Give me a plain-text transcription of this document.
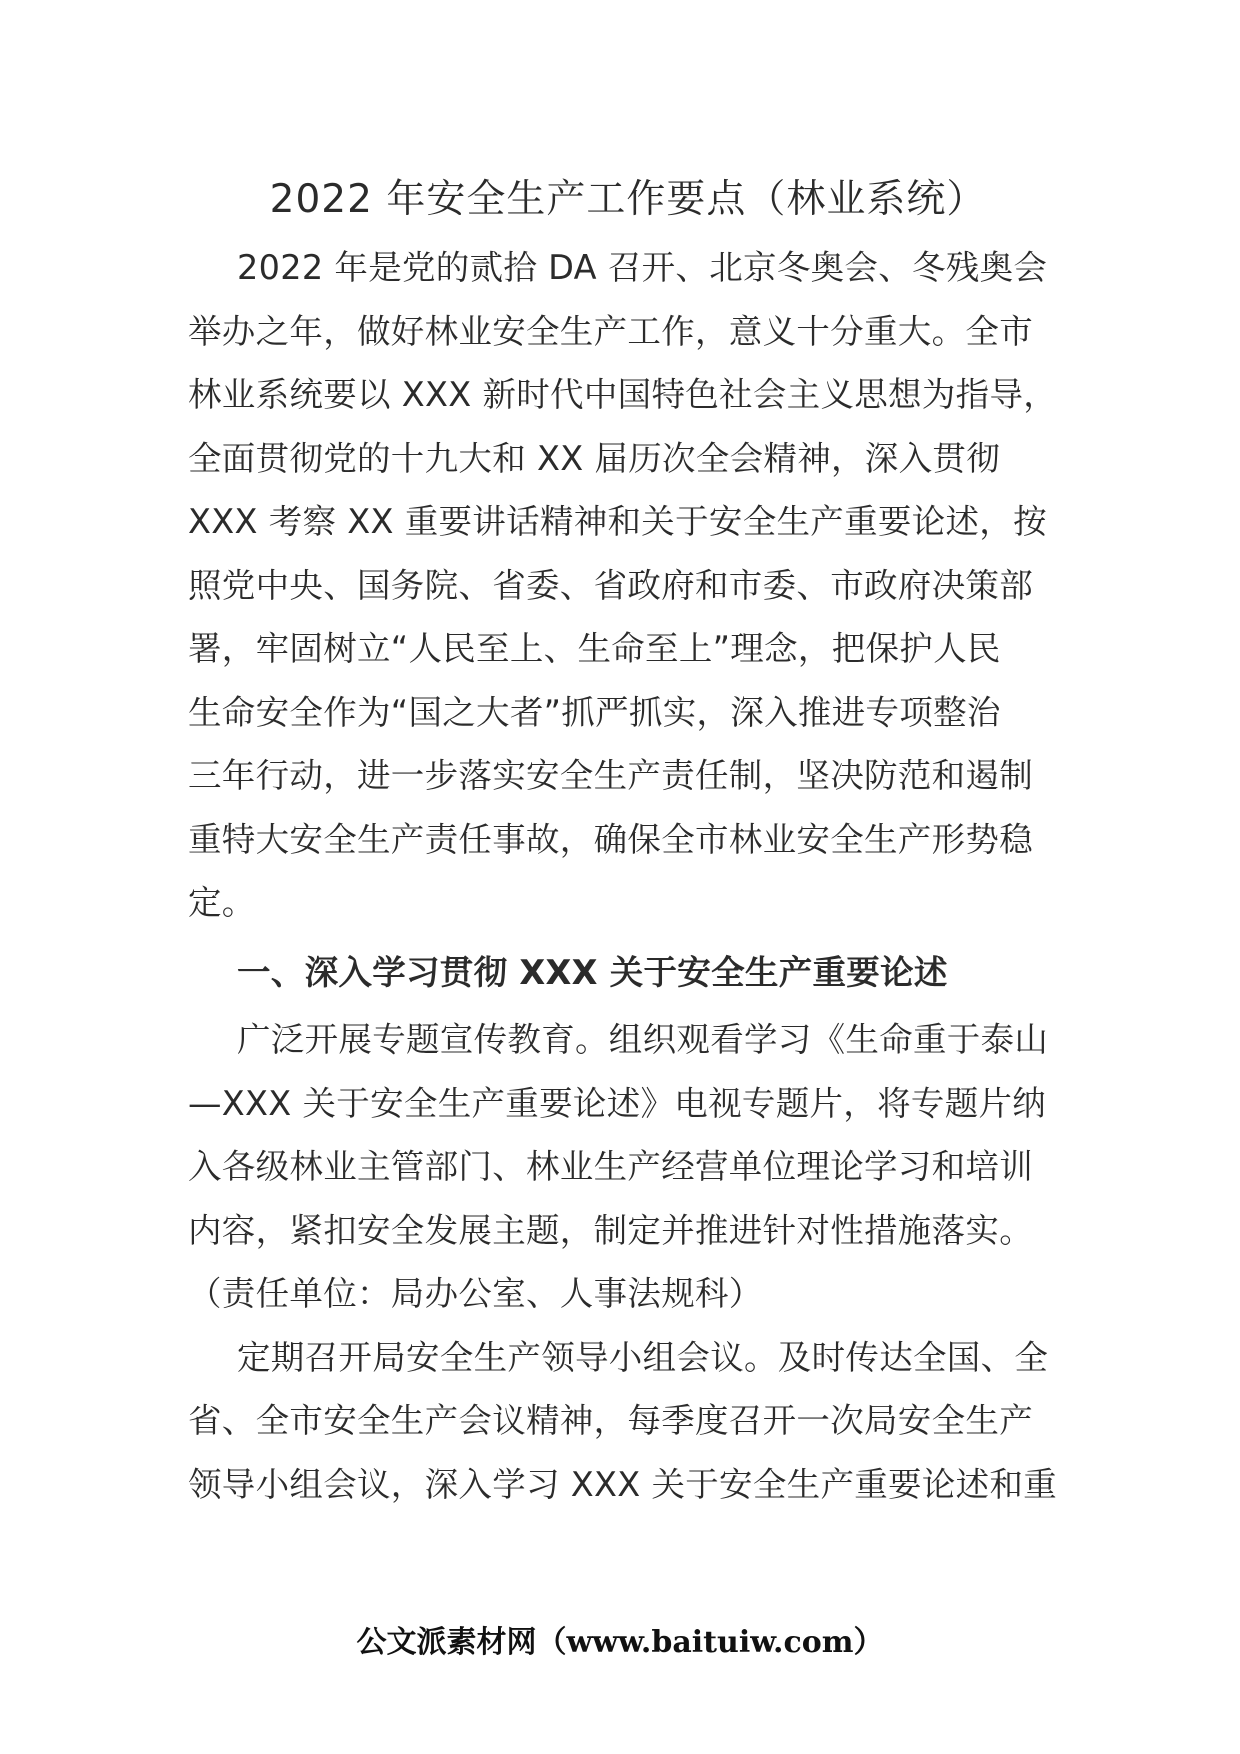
2022 年安全生产工作要点（林业系统）
2022 年是党的贰拾 DA 召开、北京冬奥会、冬残奥会
举办之年，做好林业安全生产工作，意义十分重大。全市
林业系统要以 XXX 新时代中国特色社会主义思想为指导，
全面贯彻党的十九大和 XX 届历次全会精神，深入贯彻
XXX 考察 XX 重要讲话精神和关于安全生产重要论述，按
照党中央、国务院、省委、省政府和市委、市政府决策部
署，牢固树立“人民至上、生命至上”理念，把保护人民
生命安全作为“国之大者”抓严抓实，深入推进专项整治
三年行动，进一步落实安全生产责任制，坚决防范和遏制
重特大安全生产责任事故，确保全市林业安全生产形势稳
定。
一、深入学习贯彻 XXX 关于安全生产重要论述
广泛开展专题宣传教育。组织观看学习《生命重于泰山
—XXX 关于安全生产重要论述》电视专题片，将专题片纳
入各级林业主管部门、林业生产经营单位理论学习和培训
内容，紧扣安全发展主题，制定并推进针对性措施落实。
（责任单位：局办公室、人事法规科）
定期召开局安全生产领导小组会议。及时传达全国、全
省、全市安全生产会议精神，每季度召开一次局安全生产
领导小组会议，深入学习 XXX 关于安全生产重要论述和重
公文派素材网（www.baituiw.com）
